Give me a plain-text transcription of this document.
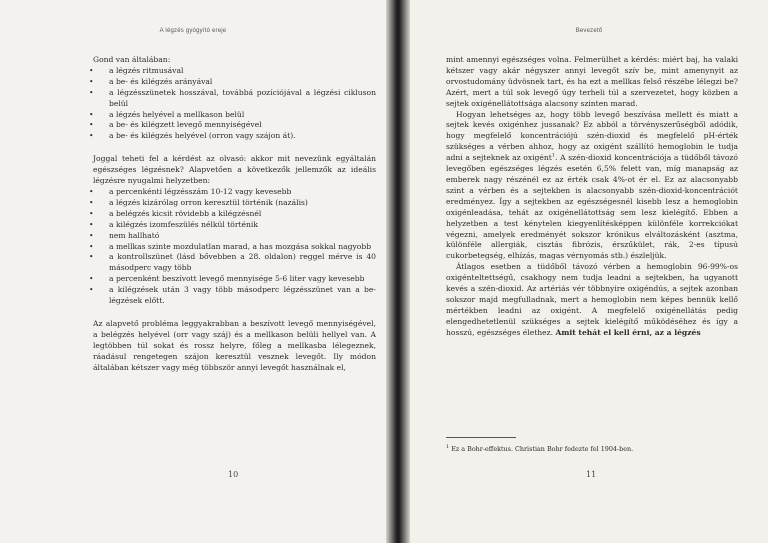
A légzés gyógyító ereje

Gond van általában:

• a légzés ritmusával
• a be- és kilégzés arányával
• a légzésszünetek hosszával, továbbá pozíciójával a légzési cikluson belül
• a légzés helyével a mellkason belül
• a be- és kilégzett levegő mennyiségével
• a be- és kilégzés helyével (orron vagy szájon át).

Joggal teheti fel a kérdést az olvasó: akkor mit nevezünk egyáltalán egészséges légzésnek? Alapvetően a következők jellemzők az ideális légzésre nyugalmi helyzetben:

• a percenkénti légzésszám 10-12 vagy kevesebb
• a légzés kizárólag orron keresztül történik (nazális)
• a belégzés kicsit rövidebb a kilégzésnél
• a kilégzés izomfeszülés nélkül történik
• nem hallható
• a mellkas szinte mozdulatlan marad, a has mozgása sokkal nagyobb
• a kontrollszünet (lásd bővebben a 28. oldalon) reggel mérve is 40 másodperc vagy több
• a percenként beszívott levegő mennyisége 5-6 liter vagy kevesebb
• a kilégzések után 3 vagy több másodperc légzésszünet van a belégzések előtt.

Az alapvető probléma leggyakrabban a beszívott levegő mennyiségével, a belégzés helyével (orr vagy száj) és a mellkason belüli hellyel van. A legtöbben túl sokat és rossz helyre, főleg a mellkasba lélegeznek, ráadásul rengetegen szájon keresztül vesznek levegőt. Ily módon általában kétszer vagy még többször annyi levegőt használnak el,

10
Bevezető

mint amennyi egészséges volna. Felmerülhet a kérdés: miért baj, ha valaki kétszer vagy akár négyszer annyi levegőt szív be, mint amenynyit az orvostudomány üdvösnek tart, és ha ezt a mellkas felső részébe lélegzi be? Azért, mert a túl sok levegő úgy terheli túl a szervezetet, hogy közben a sejtek oxigénellátottsága alacsony szinten marad.

Hogyan lehetséges az, hogy több levegő beszívása mellett és miatt a sejtek kevés oxigénhez jussanak? Ez abból a törvényszerűségből adódik, hogy megfelelő koncentrációjú szén-dioxid és megfelelő pH-érték szükséges a vérben ahhoz, hogy az oxigént szállító hemoglobin le tudja adni a sejteknek az oxigént$^1$. A szén-dioxid koncentrációja a tüdőből távozó levegőben egészséges légzés esetén 6,5% felett van, míg manapság az emberek nagy részénél ez az érték csak 4%-ot ér el. Ez az alacsonyabb szint a vérben és a sejtekben is alacsonyabb szén-dioxid-koncentrációt eredményez. Így a sejtekben az egészségesnél kisebb lesz a hemoglobin oxigénleadása, tehát az oxigénellátottság sem lesz kielégítő. Ebben a helyzetben a test kénytelen kiegyenlítésképpen különféle korrekciókat végezni, amelyek eredményét sokszor krónikus elváltozásként (asztma, különféle allergiák, cisztás fibrózis, érszűkület, rák, 2-es típusú cukorbetegség, elhízás, magas vérnyomás stb.) észleljük.

Átlagos esetben a tüdőből távozó vérben a hemoglobin 96-99%-os oxigénteltettségű, csakhogy nem tudja leadni a sejtekben, ha ugyanott kevés a szén-dioxid. Az artériás vér többnyire oxigéndús, a sejtek azonban sokszor majd megfulladnak, mert a hemoglobin nem képes bennük kellő mértékben leadni az oxigént. A megfelelő oxigénellátás pedig elengedhetetlenül szükséges a sejtek kielégítő működéséhez és így a hosszú, egészséges élethez. Amit tehát el kell érni, az a légzés

$^1$ Ez a Bohr-effektus. Christian Bohr fedezte fel 1904-ben.
11
